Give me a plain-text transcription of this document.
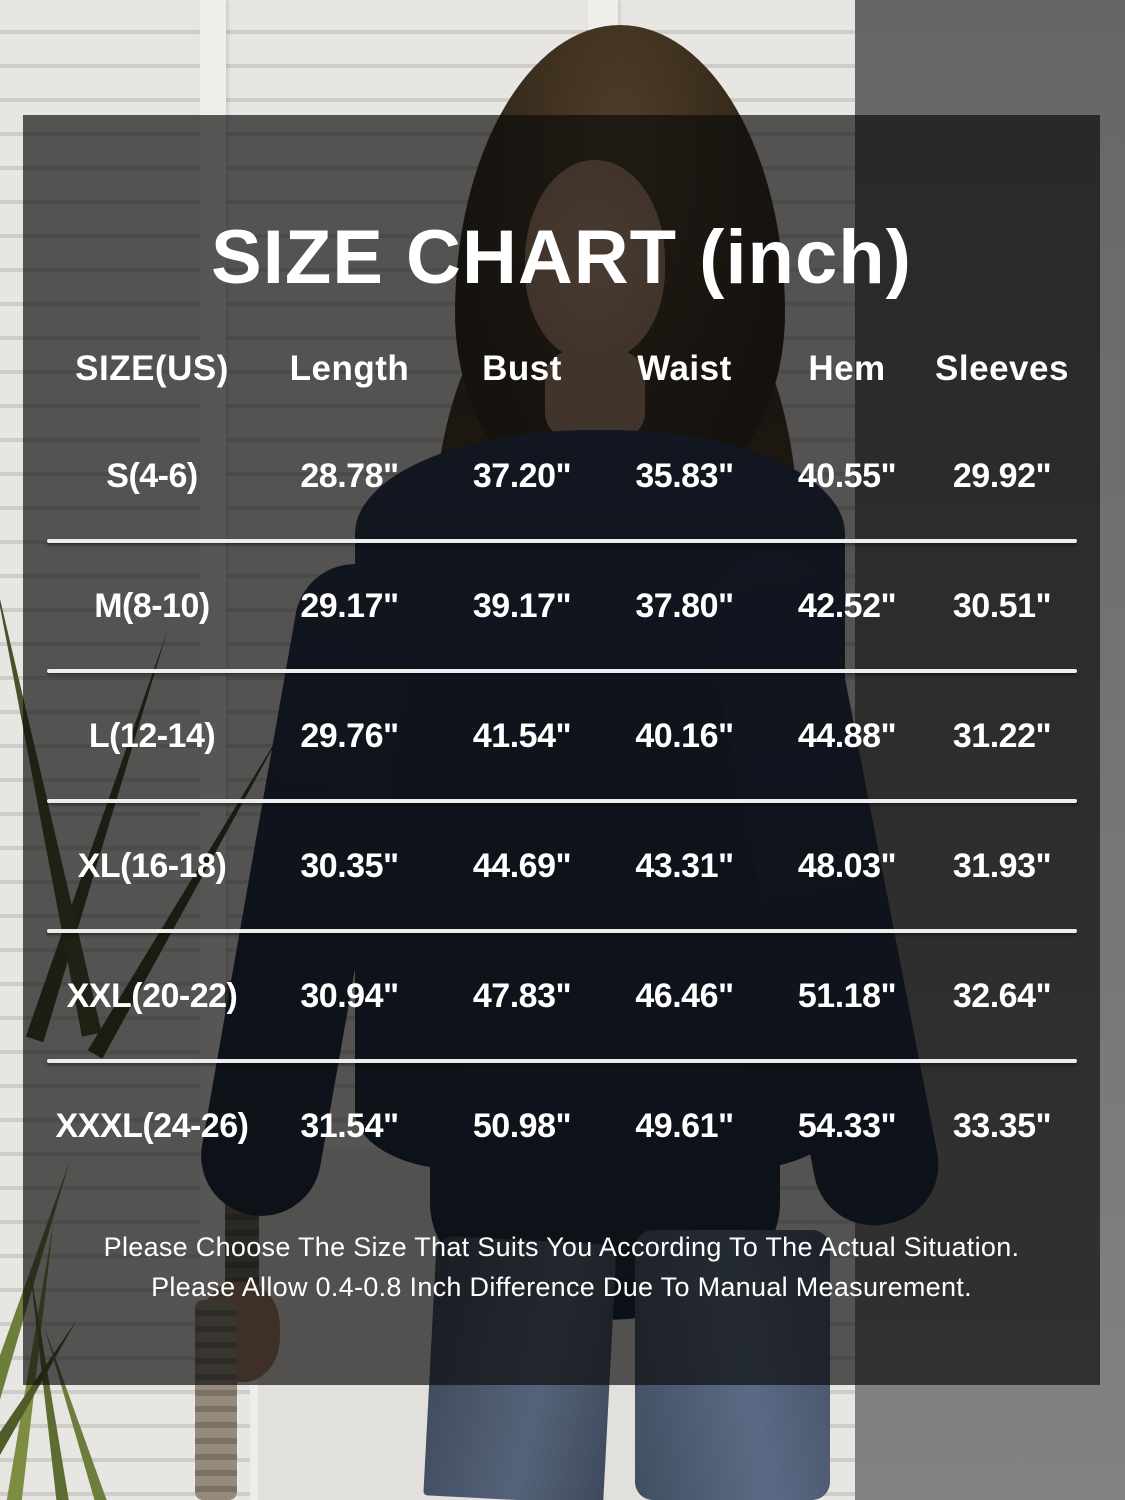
SIZE CHART (inch)
SIZE(US)	Length	Bust	Waist	Hem	Sleeves
S(4-6)	28.78"	37.20"	35.83"	40.55"	29.92"
M(8-10)	29.17"	39.17"	37.80"	42.52"	30.51"
L(12-14)	29.76"	41.54"	40.16"	44.88"	31.22"
XL(16-18)	30.35"	44.69"	43.31"	48.03"	31.93"
XXL(20-22)	30.94"	47.83"	46.46"	51.18"	32.64"
XXXL(24-26)	31.54"	50.98"	49.61"	54.33"	33.35"
Please Choose The Size That Suits You According To The Actual Situation.
Please Allow 0.4-0.8 Inch Difference Due To Manual Measurement.
